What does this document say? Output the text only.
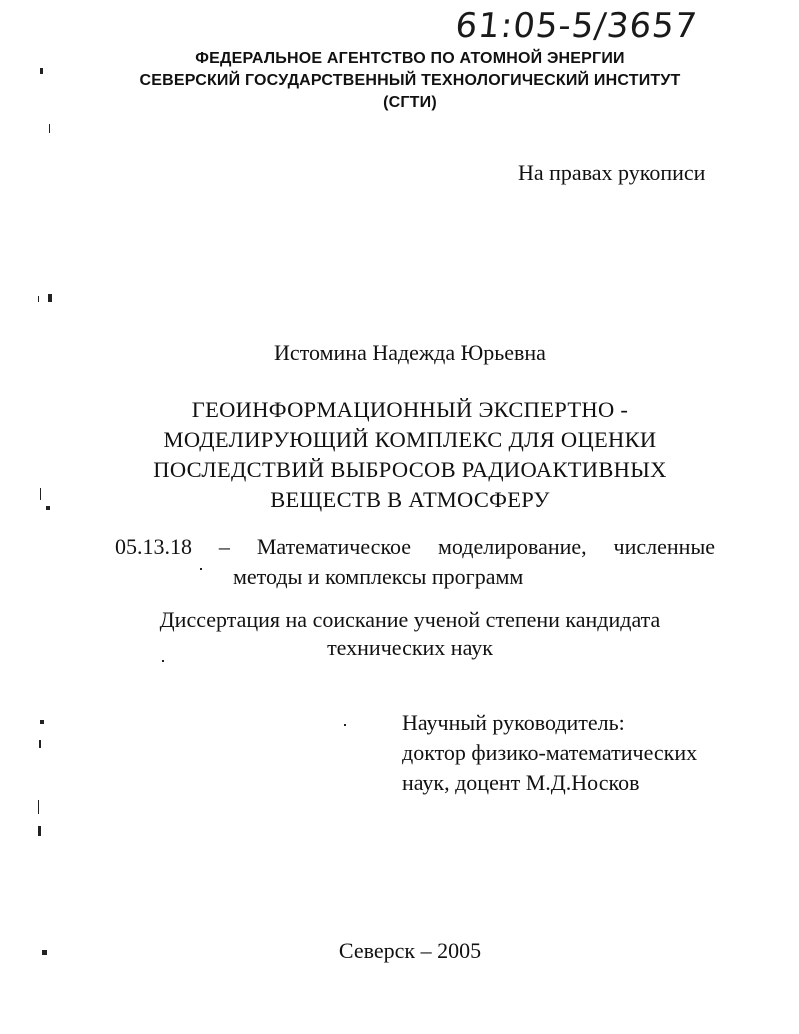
61:05-5/3657
ФЕДЕРАЛЬНОЕ АГЕНТСТВО ПО АТОМНОЙ ЭНЕРГИИ
СЕВЕРСКИЙ ГОСУДАРСТВЕННЫЙ ТЕХНОЛОГИЧЕСКИЙ ИНСТИТУТ
(СГТИ)
На правах рукописи
Истомина Надежда Юрьевна
ГЕОИНФОРМАЦИОННЫЙ ЭКСПЕРТНО -
МОДЕЛИРУЮЩИЙ КОМПЛЕКС ДЛЯ ОЦЕНКИ
ПОСЛЕДСТВИЙ ВЫБРОСОВ РАДИОАКТИВНЫХ
ВЕЩЕСТВ В АТМОСФЕРУ
05.13.18 – Математическое моделирование, численные
методы и комплексы программ
Диссертация на соискание ученой степени кандидата
технических наук
Научный руководитель:
доктор физико-математических
наук, доцент М.Д.Носков
Северск – 2005
